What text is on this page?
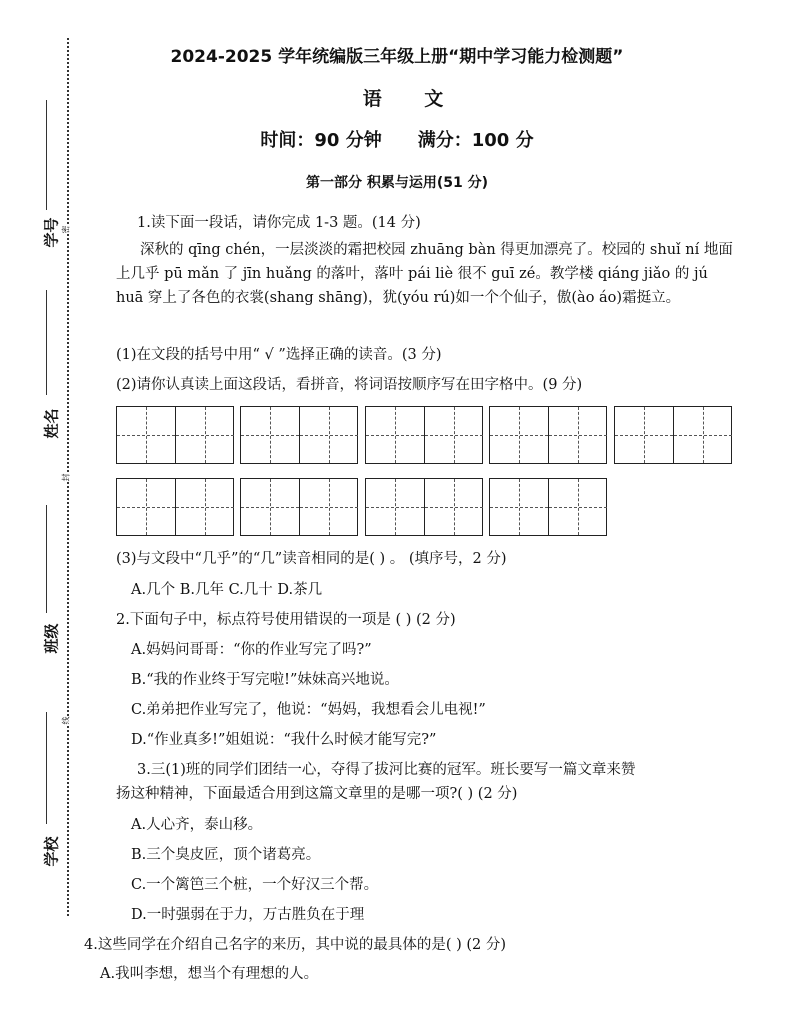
学号 密
姓名
封
班级
线
学校
2024-2025 学年统编版三年级上册“期中学习能力检测题”
语 文
时间：90 分钟 满分：100 分
第一部分 积累与运用(51 分)
1.读下面一段话，请你完成 1-3 题。(14 分)
深秋的 qīng chén，一层淡淡的霜把校园 zhuāng bàn 得更加漂亮了。校园的 shuǐ ní 地面上几乎 pū mǎn 了 jīn huǎng 的落叶，落叶 pái liè 很不 guī zé。教学楼 qiáng jiǎo 的 jú huā 穿上了各色的衣裳(shang shāng)，犹(yóu rú)如一个个仙子，傲(ào áo)霜挺立。
(1)在文段的括号中用“ √ ”选择正确的读音。(3 分)
(2)请你认真读上面这段话，看拼音，将词语按顺序写在田字格中。(9 分)
(3)与文段中“几乎”的“几”读音相同的是( ) 。 (填序号，2 分)
A.几个 B.几年 C.几十 D.茶几
2.下面句子中，标点符号使用错误的一项是 ( ) (2 分)
A.妈妈问哥哥：“你的作业写完了吗?”
B.“我的作业终于写完啦!”妹妹高兴地说。
C.弟弟把作业写完了，他说：“妈妈，我想看会儿电视!”
D.“作业真多!”姐姐说：“我什么时候才能写完?”
3.三(1)班的同学们团结一心，夺得了拔河比赛的冠军。班长要写一篇文章来赞
扬这种精神，下面最适合用到这篇文章里的是哪一项?( ) (2 分)
A.人心齐，泰山移。
B.三个臭皮匠，顶个诸葛亮。
C.一个篱笆三个桩，一个好汉三个帮。
D.一时强弱在于力，万古胜负在于理
4.这些同学在介绍自己名字的来历，其中说的最具体的是( ) (2 分)
A.我叫李想，想当个有理想的人。
